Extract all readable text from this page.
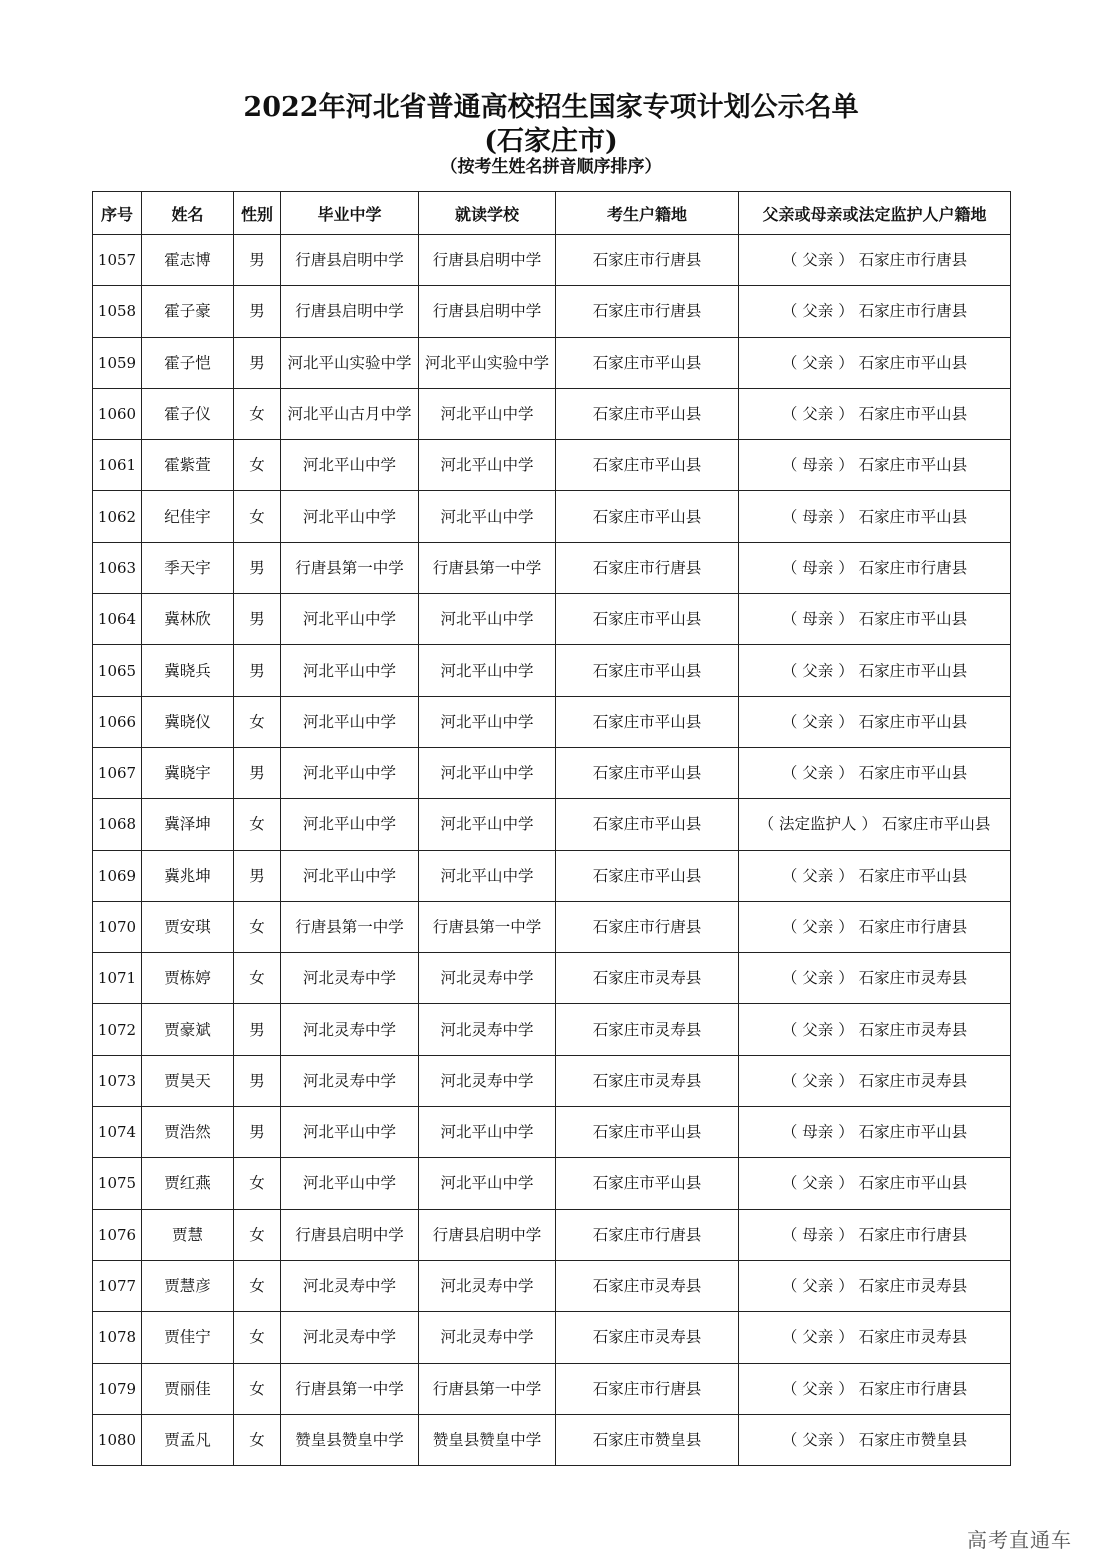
2022年河北省普通高校招生国家专项计划公示名单
(石家庄市)
（按考生姓名拼音顺序排序）
序号	姓名	性别	毕业中学	就读学校	考生户籍地	父亲或母亲或法定监护人户籍地
1057	霍志博	男	行唐县启明中学	行唐县启明中学	石家庄市行唐县	（ 父亲 ） 石家庄市行唐县
1058	霍子豪	男	行唐县启明中学	行唐县启明中学	石家庄市行唐县	（ 父亲 ） 石家庄市行唐县
1059	霍子恺	男	河北平山实验中学	河北平山实验中学	石家庄市平山县	（ 父亲 ） 石家庄市平山县
1060	霍子仪	女	河北平山古月中学	河北平山中学	石家庄市平山县	（ 父亲 ） 石家庄市平山县
1061	霍紫萱	女	河北平山中学	河北平山中学	石家庄市平山县	（ 母亲 ） 石家庄市平山县
1062	纪佳宇	女	河北平山中学	河北平山中学	石家庄市平山县	（ 母亲 ） 石家庄市平山县
1063	季天宇	男	行唐县第一中学	行唐县第一中学	石家庄市行唐县	（ 母亲 ） 石家庄市行唐县
1064	冀林欣	男	河北平山中学	河北平山中学	石家庄市平山县	（ 母亲 ） 石家庄市平山县
1065	冀晓兵	男	河北平山中学	河北平山中学	石家庄市平山县	（ 父亲 ） 石家庄市平山县
1066	冀晓仪	女	河北平山中学	河北平山中学	石家庄市平山县	（ 父亲 ） 石家庄市平山县
1067	冀晓宇	男	河北平山中学	河北平山中学	石家庄市平山县	（ 父亲 ） 石家庄市平山县
1068	冀泽坤	女	河北平山中学	河北平山中学	石家庄市平山县	（ 法定监护人 ） 石家庄市平山县
1069	冀兆坤	男	河北平山中学	河北平山中学	石家庄市平山县	（ 父亲 ） 石家庄市平山县
1070	贾安琪	女	行唐县第一中学	行唐县第一中学	石家庄市行唐县	（ 父亲 ） 石家庄市行唐县
1071	贾栋婷	女	河北灵寿中学	河北灵寿中学	石家庄市灵寿县	（ 父亲 ） 石家庄市灵寿县
1072	贾豪斌	男	河北灵寿中学	河北灵寿中学	石家庄市灵寿县	（ 父亲 ） 石家庄市灵寿县
1073	贾昊天	男	河北灵寿中学	河北灵寿中学	石家庄市灵寿县	（ 父亲 ） 石家庄市灵寿县
1074	贾浩然	男	河北平山中学	河北平山中学	石家庄市平山县	（ 母亲 ） 石家庄市平山县
1075	贾红燕	女	河北平山中学	河北平山中学	石家庄市平山县	（ 父亲 ） 石家庄市平山县
1076	贾慧	女	行唐县启明中学	行唐县启明中学	石家庄市行唐县	（ 母亲 ） 石家庄市行唐县
1077	贾慧彦	女	河北灵寿中学	河北灵寿中学	石家庄市灵寿县	（ 父亲 ） 石家庄市灵寿县
1078	贾佳宁	女	河北灵寿中学	河北灵寿中学	石家庄市灵寿县	（ 父亲 ） 石家庄市灵寿县
1079	贾丽佳	女	行唐县第一中学	行唐县第一中学	石家庄市行唐县	（ 父亲 ） 石家庄市行唐县
1080	贾孟凡	女	赞皇县赞皇中学	赞皇县赞皇中学	石家庄市赞皇县	（ 父亲 ） 石家庄市赞皇县
高考直通车
